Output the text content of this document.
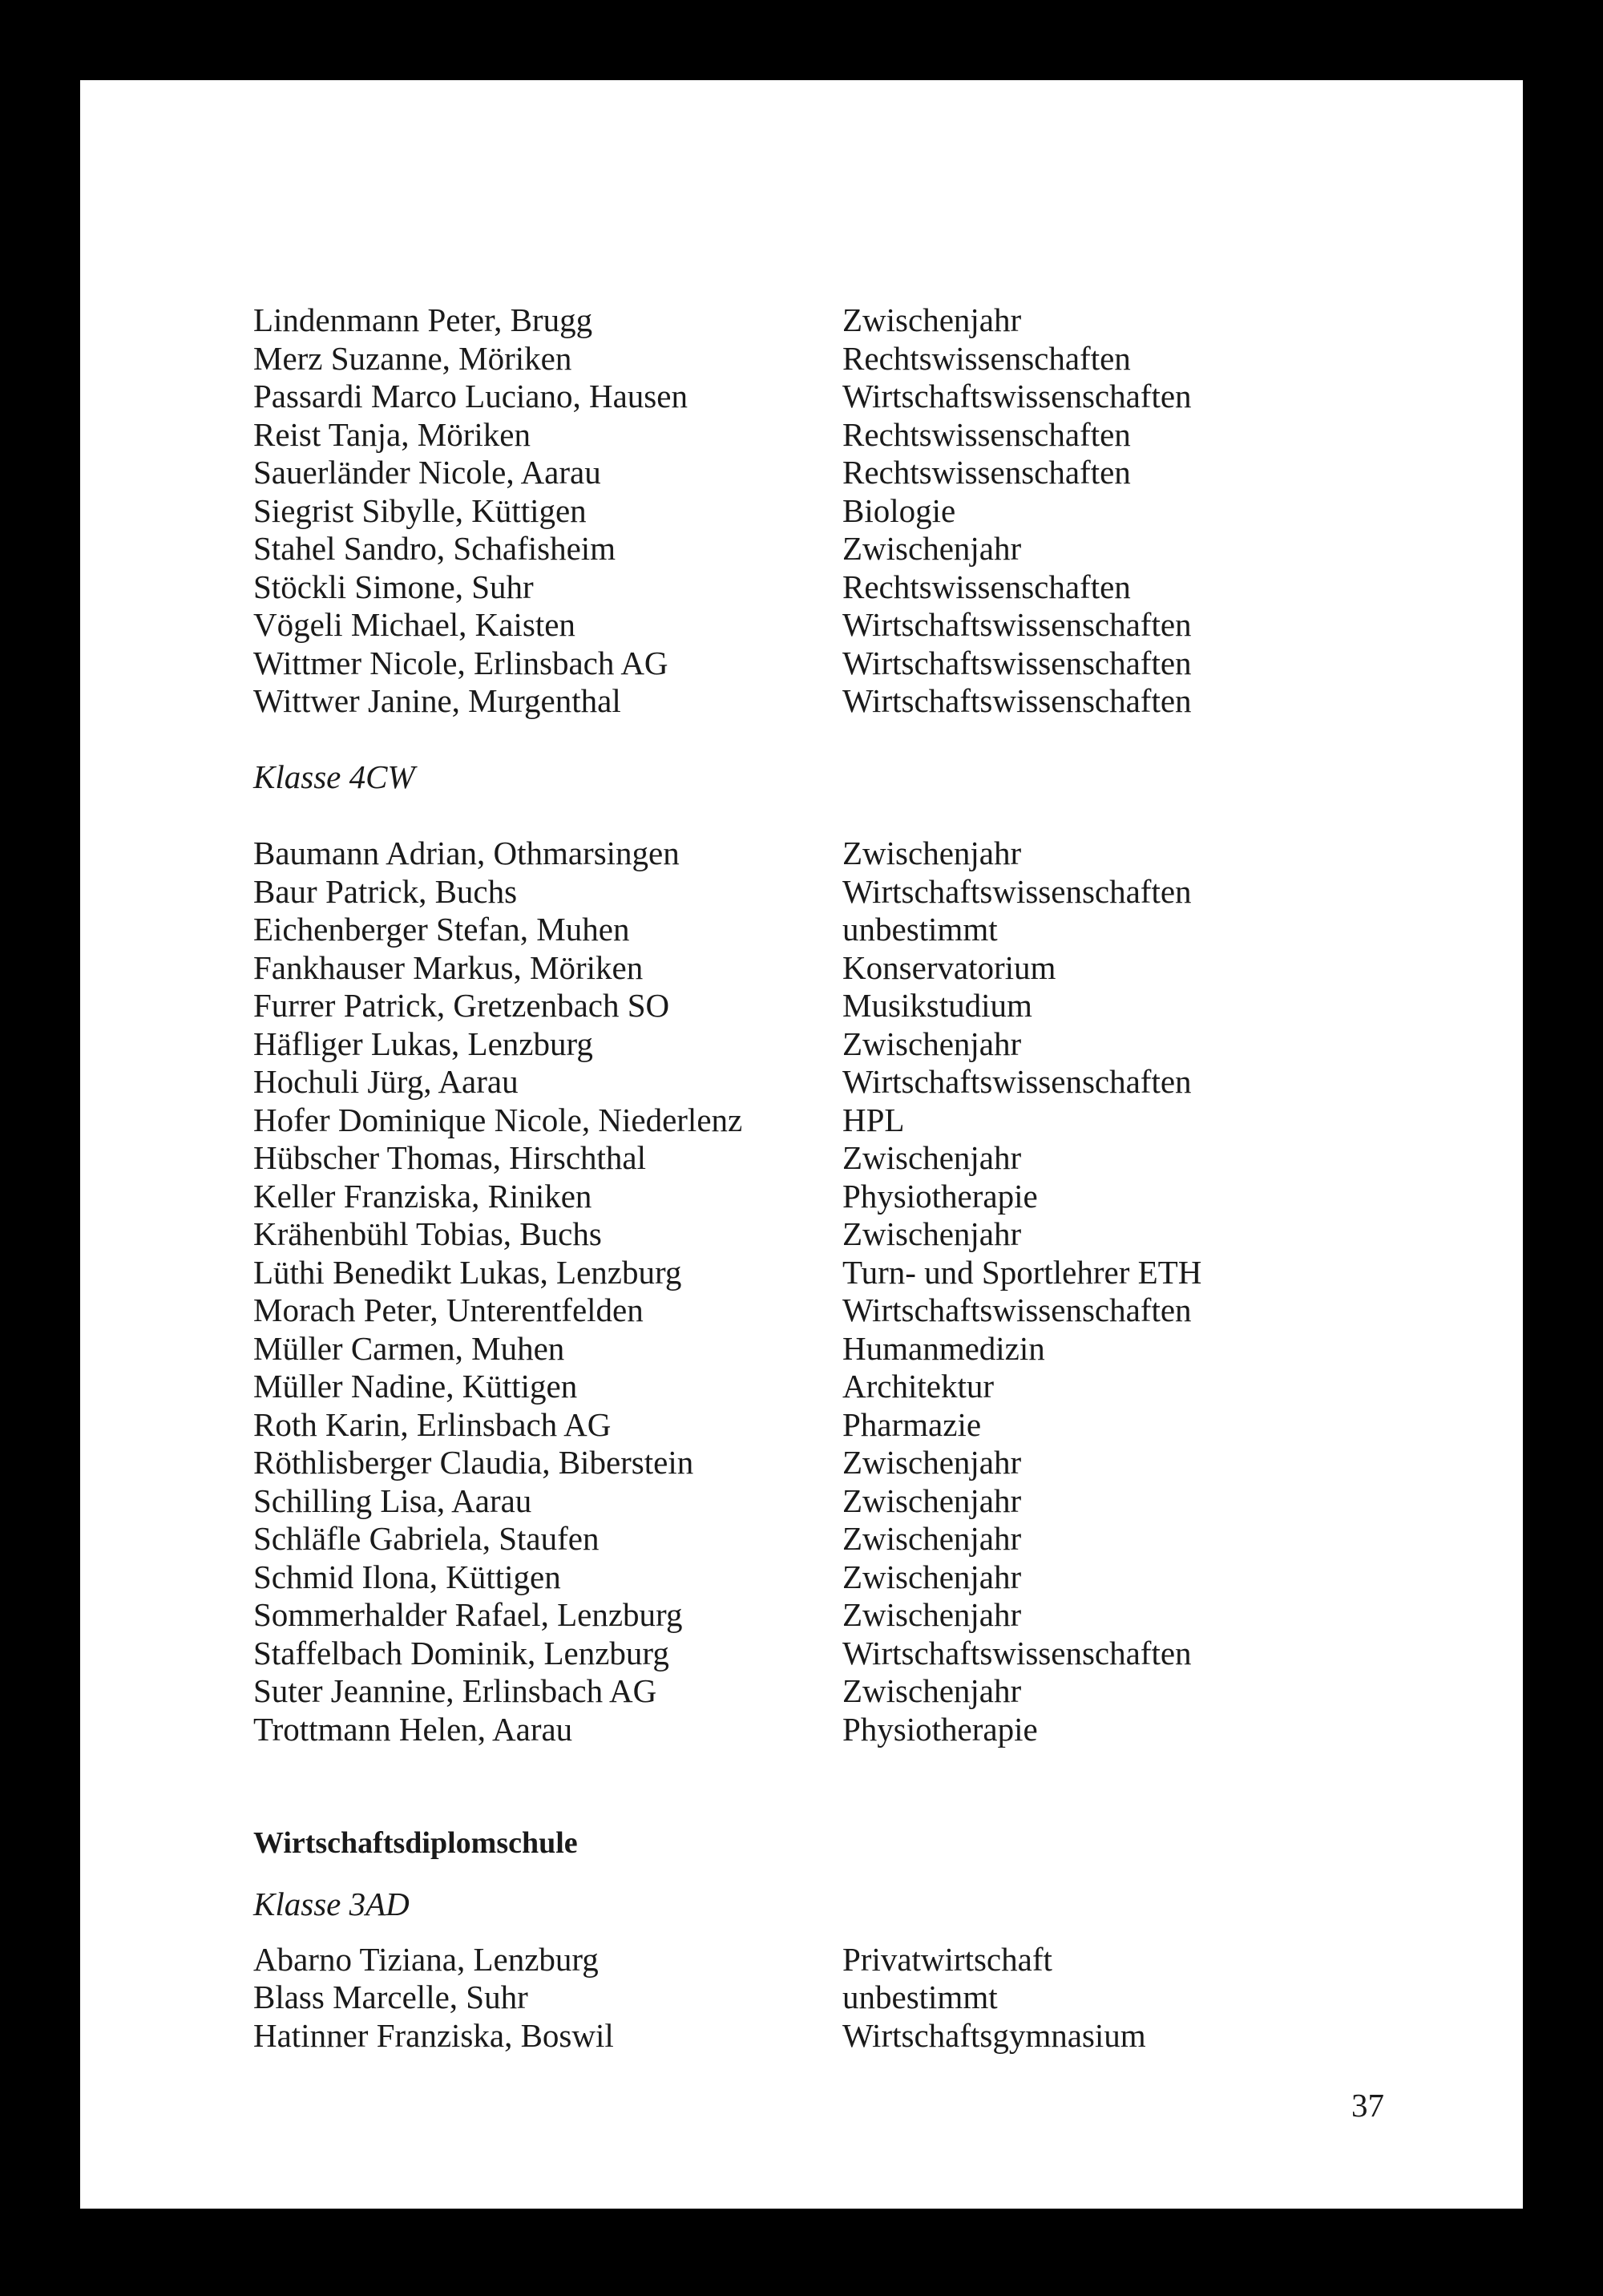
Lindenmann Peter, Brugg	Zwischenjahr
Merz Suzanne, Möriken	Rechtswissenschaften
Passardi Marco Luciano, Hausen	Wirtschaftswissenschaften
Reist Tanja, Möriken	Rechtswissenschaften
Sauerländer Nicole, Aarau	Rechtswissenschaften
Siegrist Sibylle, Küttigen	Biologie
Stahel Sandro, Schafisheim	Zwischenjahr
Stöckli Simone, Suhr	Rechtswissenschaften
Vögeli Michael, Kaisten	Wirtschaftswissenschaften
Wittmer Nicole, Erlinsbach AG	Wirtschaftswissenschaften
Wittwer Janine, Murgenthal	Wirtschaftswissenschaften
Klasse 4CW
Baumann Adrian, Othmarsingen	Zwischenjahr
Baur Patrick, Buchs	Wirtschaftswissenschaften
Eichenberger Stefan, Muhen	unbestimmt
Fankhauser Markus, Möriken	Konservatorium
Furrer Patrick, Gretzenbach SO	Musikstudium
Häfliger Lukas, Lenzburg	Zwischenjahr
Hochuli Jürg, Aarau	Wirtschaftswissenschaften
Hofer Dominique Nicole, Niederlenz	HPL
Hübscher Thomas, Hirschthal	Zwischenjahr
Keller Franziska, Riniken	Physiotherapie
Krähenbühl Tobias, Buchs	Zwischenjahr
Lüthi Benedikt Lukas, Lenzburg	Turn- und Sportlehrer ETH
Morach Peter, Unterentfelden	Wirtschaftswissenschaften
Müller Carmen, Muhen	Humanmedizin
Müller Nadine, Küttigen	Architektur
Roth Karin, Erlinsbach AG	Pharmazie
Röthlisberger Claudia, Biberstein	Zwischenjahr
Schilling Lisa, Aarau	Zwischenjahr
Schläfle Gabriela, Staufen	Zwischenjahr
Schmid Ilona, Küttigen	Zwischenjahr
Sommerhalder Rafael, Lenzburg	Zwischenjahr
Staffelbach Dominik, Lenzburg	Wirtschaftswissenschaften
Suter Jeannine, Erlinsbach AG	Zwischenjahr
Trottmann Helen, Aarau	Physiotherapie
Wirtschaftsdiplomschule
Klasse 3AD
Abarno Tiziana, Lenzburg	Privatwirtschaft
Blass Marcelle, Suhr	unbestimmt
Hatinner Franziska, Boswil	Wirtschaftsgymnasium
37
